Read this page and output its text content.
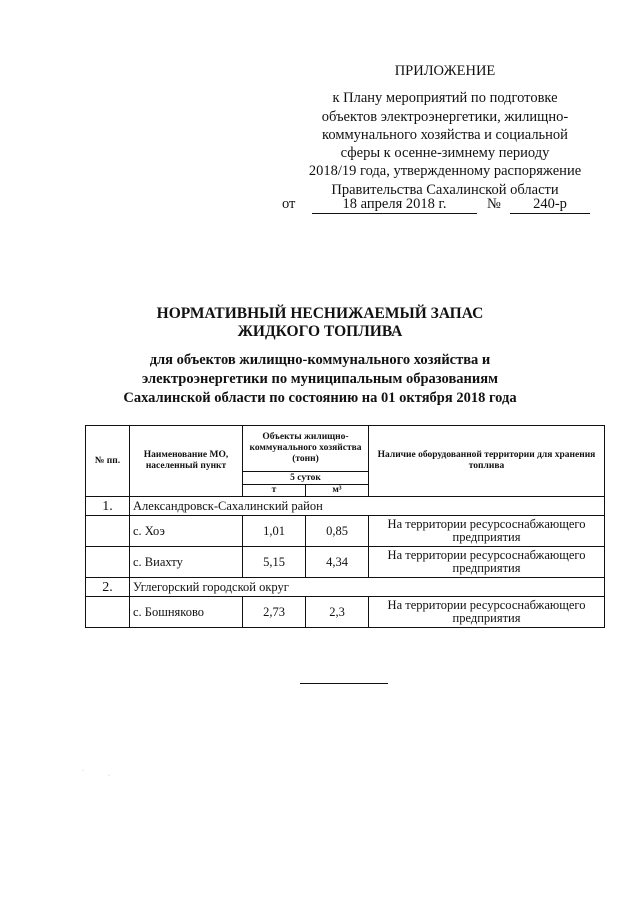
ПРИЛОЖЕНИЕ
к Плану мероприятий по подготовке
объектов электроэнергетики, жилищно-
коммунального хозяйства и социальной
сферы к осенне-зимнему периоду
2018/19 года, утвержденному распоряжение
Правительства Сахалинской области
от	18 апреля 2018 г.	№	240-р
НОРМАТИВНЫЙ НЕСНИЖАЕМЫЙ ЗАПАС
ЖИДКОГО ТОПЛИВА
для объектов жилищно-коммунального хозяйства и
электроэнергетики по муниципальным образованиям
Сахалинской области по состоянию на 01 октября 2018 года
№ пп.	Наименование МО, населенный пункт	Объекты жилищно-коммунального хозяйства (тонн)		Наличие оборудованной территории для хранения топлива
		5 суток		
		т	м³	
1.	Александровск-Сахалинский район			
	с. Хоэ	1,01	0,85	На территории ресурсоснабжающего предприятия
	с. Виахту	5,15	4,34	На территории ресурсоснабжающего предприятия
2.	Углегорский городской округ			
	с. Бошняково	2,73	2,3	На территории ресурсоснабжающего предприятия
·
·
